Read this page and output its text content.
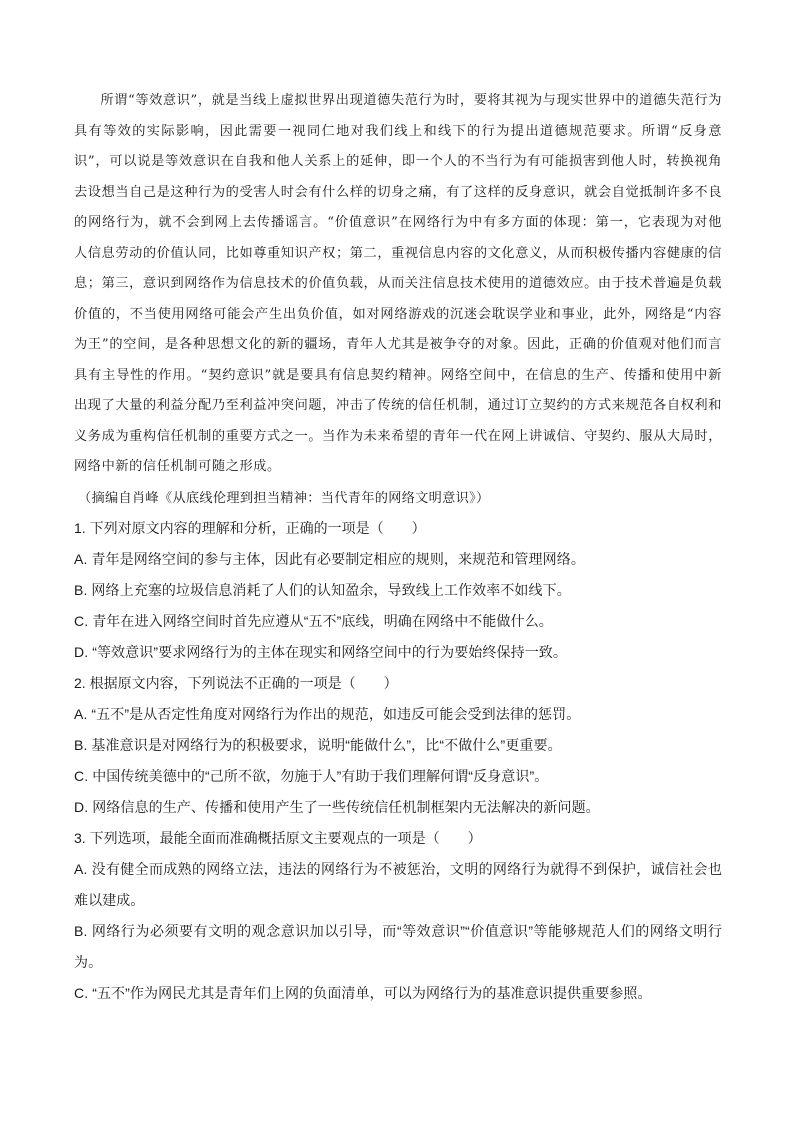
所谓“等效意识”，就是当线上虚拟世界出现道德失范行为时，要将其视为与现实世界中的道德失范行为具有等效的实际影响，因此需要一视同仁地对我们线上和线下的行为提出道德规范要求。所谓“反身意识”，可以说是等效意识在自我和他人关系上的延伸，即一个人的不当行为有可能损害到他人时，转换视角去设想当自己是这种行为的受害人时会有什么样的切身之痛，有了这样的反身意识，就会自觉抵制许多不良的网络行为，就不会到网上去传播谣言。“价值意识”在网络行为中有多方面的体现：第一，它表现为对他人信息劳动的价值认同，比如尊重知识产权；第二，重视信息内容的文化意义，从而积极传播内容健康的信息；第三，意识到网络作为信息技术的价值负载，从而关注信息技术使用的道德效应。由于技术普遍是负载价值的，不当使用网络可能会产生出负价值，如对网络游戏的沉迷会耽误学业和事业，此外，网络是“内容为王”的空间，是各种思想文化的新的疆场，青年人尤其是被争夺的对象。因此，正确的价值观对他们而言具有主导性的作用。“契约意识”就是要具有信息契约精神。网络空间中，在信息的生产、传播和使用中新出现了大量的利益分配乃至利益冲突问题，冲击了传统的信任机制，通过订立契约的方式来规范各自权利和义务成为重构信任机制的重要方式之一。当作为未来希望的青年一代在网上讲诚信、守契约、服从大局时，网络中新的信任机制可随之形成。

（摘编自肖峰《从底线伦理到担当精神：当代青年的网络文明意识》）

1. 下列对原文内容的理解和分析，正确的一项是（　　）

A. 青年是网络空间的参与主体，因此有必要制定相应的规则，来规范和管理网络。

B. 网络上充塞的垃圾信息消耗了人们的认知盈余，导致线上工作效率不如线下。

C. 青年在进入网络空间时首先应遵从“五不”底线，明确在网络中不能做什么。

D. “等效意识”要求网络行为的主体在现实和网络空间中的行为要始终保持一致。

2. 根据原文内容，下列说法不正确的一项是（　　）

A. “五不”是从否定性角度对网络行为作出的规范，如违反可能会受到法律的惩罚。

B. 基准意识是对网络行为的积极要求，说明“能做什么”，比“不做什么”更重要。

C. 中国传统美德中的“己所不欲，勿施于人”有助于我们理解何谓“反身意识”。

D. 网络信息的生产、传播和使用产生了一些传统信任机制框架内无法解决的新问题。

3. 下列选项，最能全面而准确概括原文主要观点的一项是（　　）

A. 没有健全而成熟的网络立法，违法的网络行为不被惩治，文明的网络行为就得不到保护，诚信社会也难以建成。

B. 网络行为必须要有文明的观念意识加以引导，而“等效意识”“价值意识”等能够规范人们的网络文明行为。

C. “五不”作为网民尤其是青年们上网的负面清单，可以为网络行为的基准意识提供重要参照。
